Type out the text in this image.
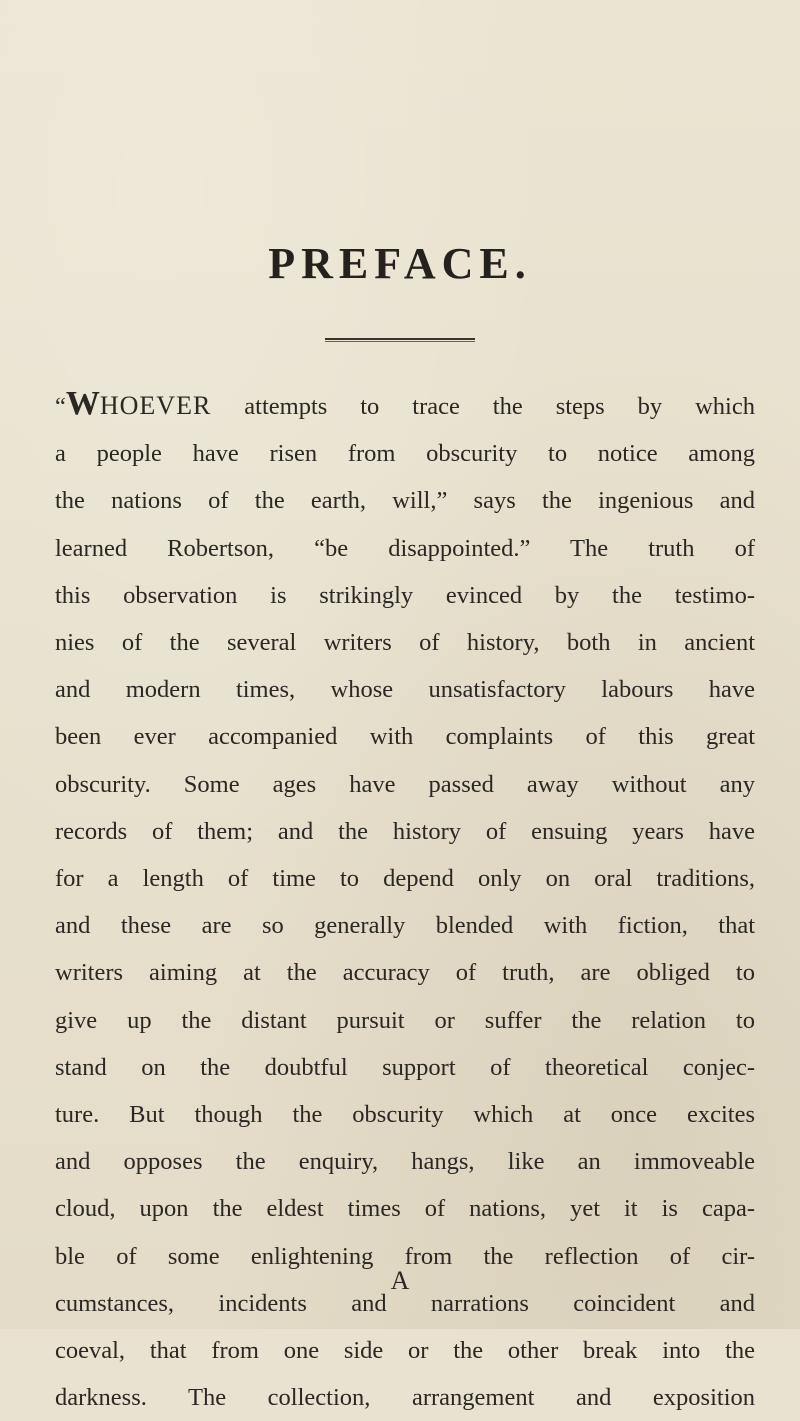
PREFACE.
“WHOEVER attempts to trace the steps by which
a people have risen from obscurity to notice among
the nations of the earth, will,” says the ingenious and
learned Robertson, “be disappointed.” The truth of
this observation is strikingly evinced by the testimo-
nies of the several writers of history, both in ancient
and modern times, whose unsatisfactory labours have
been ever accompanied with complaints of this great
obscurity. Some ages have passed away without any
records of them; and the history of ensuing years have
for a length of time to depend only on oral traditions,
and these are so generally blended with fiction, that
writers aiming at the accuracy of truth, are obliged to
give up the distant pursuit or suffer the relation to
stand on the doubtful support of theoretical conjec-
ture. But though the obscurity which at once excites
and opposes the enquiry, hangs, like an immoveable
cloud, upon the eldest times of nations, yet it is capa-
ble of some enlightening from the reflection of cir-
cumstances, incidents and narrations coincident and
coeval, that from one side or the other break into the
darkness. The collection, arrangement and exposition
A
